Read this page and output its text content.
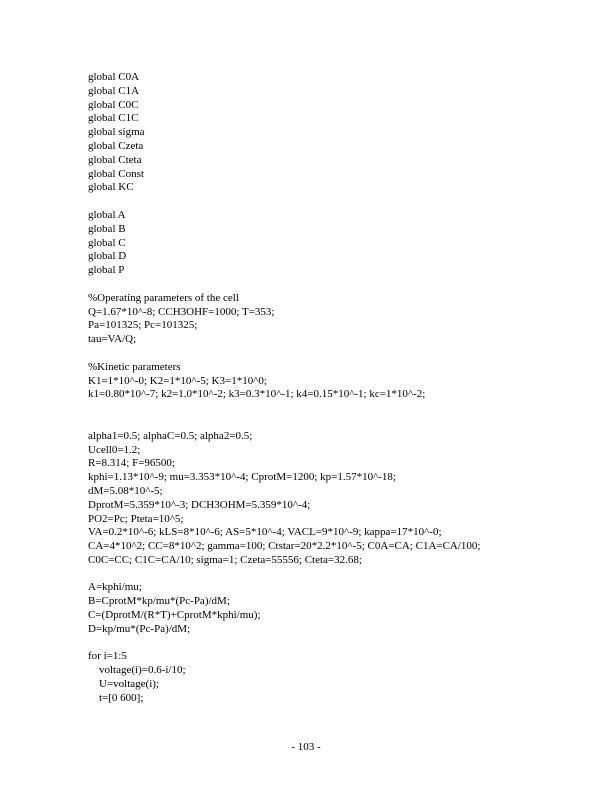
global C0A
global C1A
global C0C
global C1C
global sigma
global Czeta
global Cteta
global Const
global KC
global A
global B
global C
global D
global P
%Operating parameters of the cell
Q=1.67*10^-8; CCH3OHF=1000; T=353;
Pa=101325; Pc=101325;
tau=VA/Q;
%Kinetic parameters
K1=1*10^-0; K2=1*10^-5; K3=1*10^0;
k1=0.80*10^-7; k2=1.0*10^-2; k3=0.3*10^-1; k4=0.15*10^-1; kc=1*10^-2;
alpha1=0.5; alphaC=0.5; alpha2=0.5;
Ucell0=1.2;
R=8.314; F=96500;
kphi=1.13*10^-9; mu=3.353*10^-4; CprotM=1200; kp=1.57*10^-18;
dM=5.08*10^-5;
DprotM=5.359*10^-3; DCH3OHM=5.359*10^-4;
PO2=Pc; Pteta=10^5;
VA=0.2*10^-6; kLS=8*10^-6; AS=5*10^-4; VACL=9*10^-9; kappa=17*10^-0;
CA=4*10^2; CC=8*10^2; gamma=100; Ctstar=20*2.2*10^-5; C0A=CA; C1A=CA/100;
C0C=CC; C1C=CA/10; sigma=1; Czeta=55556; Cteta=32.68;
A=kphi/mu;
B=CprotM*kp/mu*(Pc-Pa)/dM;
C=(DprotM/(R*T)+CprotM*kphi/mu);
D=kp/mu*(Pc-Pa)/dM;
for i=1:5
voltage(i)=0.6-i/10;
U=voltage(i);
t=[0 600];
- 103 -
